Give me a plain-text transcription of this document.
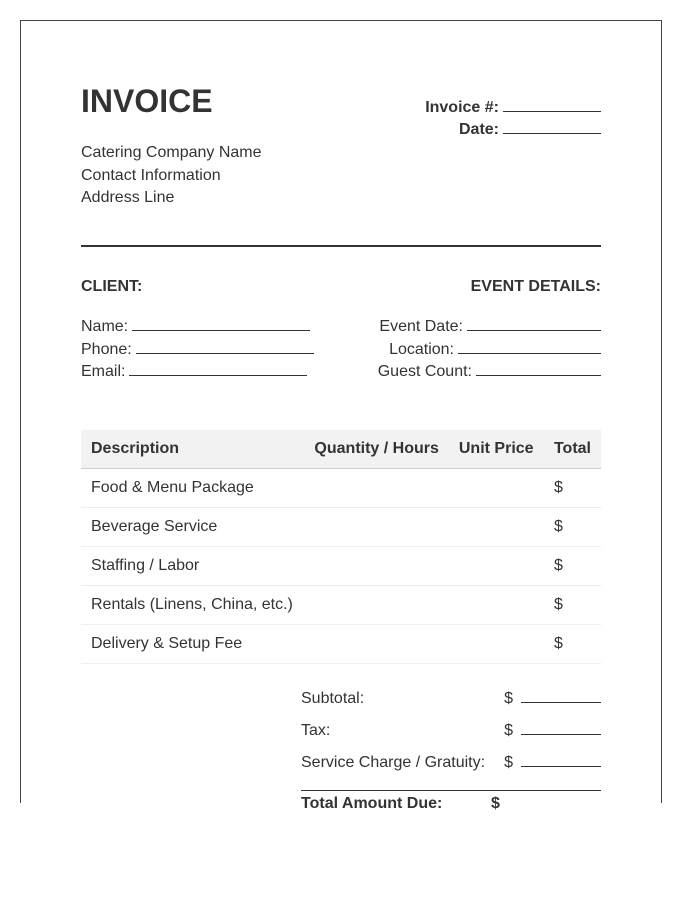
INVOICE	Invoice #:
Date:
Catering Company Name
Contact Information
Address Line
CLIENT:	EVENT DETAILS:
Name:
Phone:
Email:
Event Date:
Location:
Guest Count:
Description	Quantity / Hours	Unit Price	Total
Food & Menu Package			$
Beverage Service			$
Staffing / Labor			$
Rentals (Linens, China, etc.)			$
Delivery & Setup Fee			$
Subtotal:	$
Tax:	$
Service Charge / Gratuity: $
Total Amount Due:	$
